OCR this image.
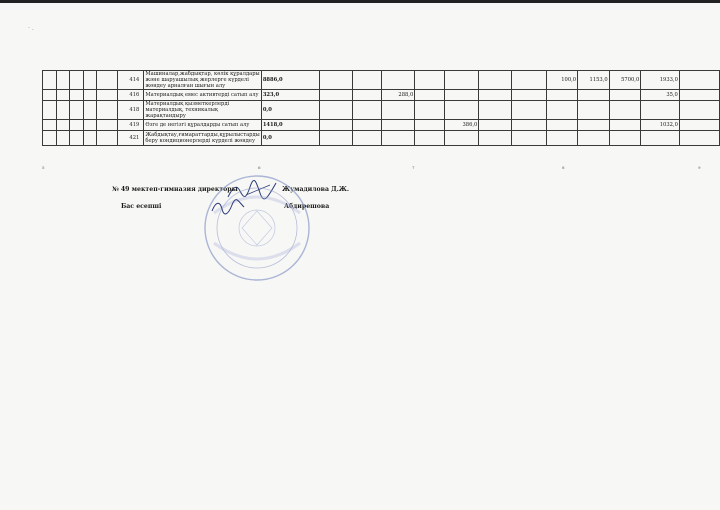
· .
					414	Машиналар,жабдықтар, көлік құралдары және шаруашылық жерлерге күрделі жөндеу арналған шығын алу	8886,0								100,0	1153,0	5700,0	1933,0	
					416	Материалдық емес активтерді сатып алу	323,0			288,0								35,0	
					418	Материалдық қызметкерлерді материалдық, техникалық жарақтандыру	0,0												
					419	Өзге де негізгі құралдарды сатып алу	1418,0					386,0						1032,0	
					421	Жабдықтау,ғимараттарды,құрылыстарды беру кондиционерлерді күрделі жөндеу	0,0												
5	6	7	8	9
№ 49 мектеп-гимназия директоры	Жумадилова Д.Ж.
Бас есепші	Абдирешова
